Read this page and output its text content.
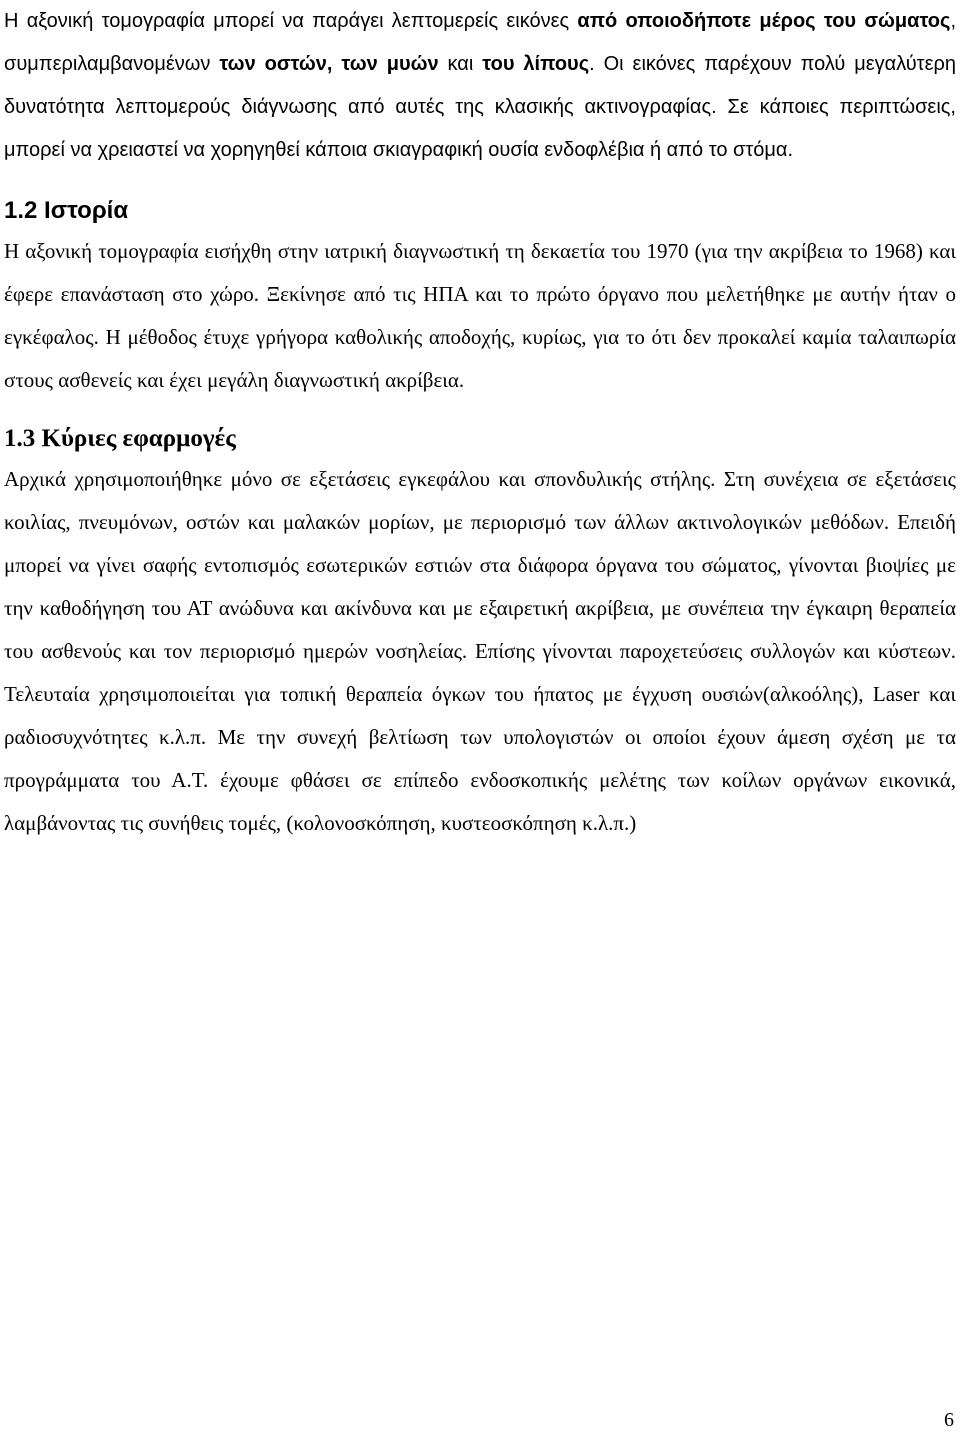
Η αξονική τομογραφία μπορεί να παράγει λεπτομερείς εικόνες από οποιοδήποτε μέρος του σώματος, συμπεριλαμβανομένων των οστών, των μυών και του λίπους. Οι εικόνες παρέχουν πολύ μεγαλύτερη δυνατότητα λεπτομερούς διάγνωσης από αυτές της κλασικής ακτινογραφίας. Σε κάποιες περιπτώσεις, μπορεί να χρειαστεί να χορηγηθεί κάποια σκιαγραφική ουσία ενδοφλέβια ή από το στόμα.

1.2 Ιστορία

Η αξονική τομογραφία εισήχθη στην ιατρική διαγνωστική τη δεκαετία του 1970 (για την ακρίβεια το 1968) και έφερε επανάσταση στο χώρο. Ξεκίνησε από τις ΗΠΑ και το πρώτο όργανο που μελετήθηκε με αυτήν ήταν ο εγκέφαλος. Η μέθοδος έτυχε γρήγορα καθολικής αποδοχής, κυρίως, για το ότι δεν προκαλεί καμία ταλαιπωρία στους ασθενείς και έχει μεγάλη διαγνωστική ακρίβεια.

1.3 Κύριες εφαρμογές

Αρχικά χρησιμοποιήθηκε μόνο σε εξετάσεις εγκεφάλου και σπονδυλικής στήλης. Στη συνέχεια σε εξετάσεις κοιλίας, πνευμόνων, οστών και μαλακών μορίων, με περιορισμό των άλλων ακτινολογικών μεθόδων. Επειδή μπορεί να γίνει σαφής εντοπισμός εσωτερικών εστιών στα διάφορα όργανα του σώματος, γίνονται βιοψίες με την καθοδήγηση του ΑΤ ανώδυνα και ακίνδυνα και με εξαιρετική ακρίβεια, με συνέπεια την έγκαιρη θεραπεία του ασθενούς και τον περιορισμό ημερών νοσηλείας. Επίσης γίνονται παροχετεύσεις συλλογών και κύστεων. Τελευταία χρησιμοποιείται για τοπική θεραπεία όγκων του ήπατος με έγχυση ουσιών(αλκοόλης), Laser και ραδιοσυχνότητες κ.λ.π. Με την συνεχή βελτίωση των υπολογιστών οι οποίοι έχουν άμεση σχέση με τα προγράμματα του Α.Τ. έχουμε φθάσει σε επίπεδο ενδοσκοπικής μελέτης των κοίλων οργάνων εικονικά, λαμβάνοντας τις συνήθεις τομές, (κολονοσκόπηση, κυστεοσκόπηση κ.λ.π.)

6
